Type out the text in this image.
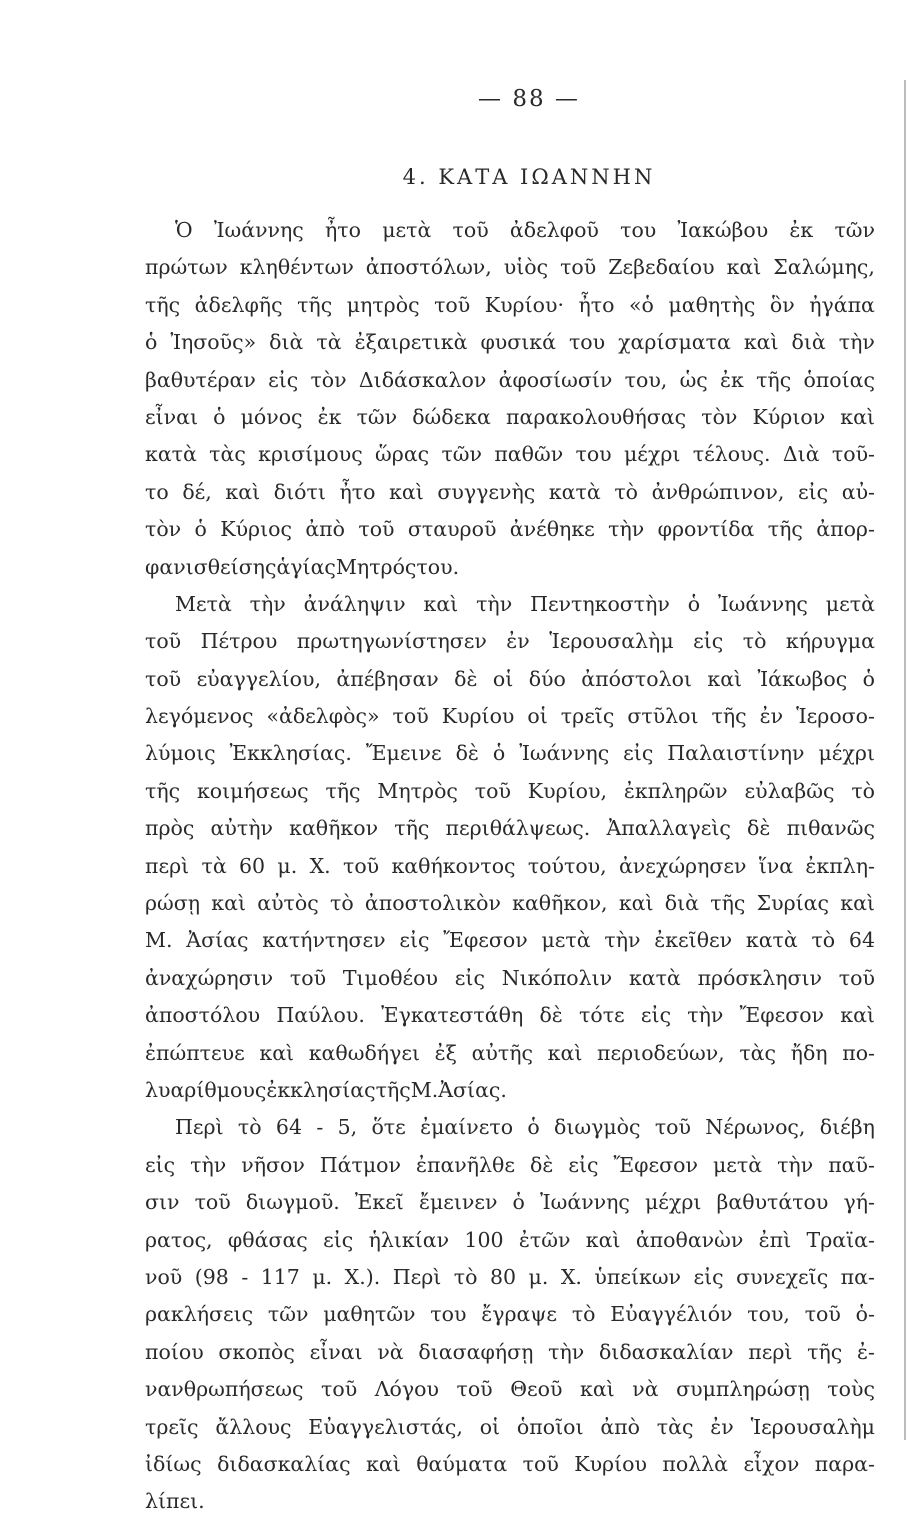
— 88 —
4. ΚΑΤΑ ΙΩΑΝΝΗΝ
Ὁ Ἰωάννης ἦτο μετὰ τοῦ ἀδελφοῦ του Ἰακώβου ἐκ τῶν
πρώτων κληθέντων ἀποστόλων, υἱὸς τοῦ Ζεβεδαίου καὶ Σαλώμης,
τῆς ἀδελφῆς τῆς μητρὸς τοῦ Κυρίου· ἦτο «ὁ μαθητὴς ὃν ἠγάπα
ὁ Ἰησοῦς» διὰ τὰ ἐξαιρετικὰ φυσικά του χαρίσματα καὶ διὰ τὴν
βαθυτέραν εἰς τὸν Διδάσκαλον ἀφοσίωσίν του, ὡς ἐκ τῆς ὁποίας
εἶναι ὁ μόνος ἐκ τῶν δώδεκα παρακολουθήσας τὸν Κύριον καὶ
κατὰ τὰς κρισίμους ὥρας τῶν παθῶν του μέχρι τέλους. Διὰ τοῦ-
το δέ, καὶ διότι ἦτο καὶ συγγενὴς κατὰ τὸ ἀνθρώπινον, εἰς αὐ-
τὸν ὁ Κύριος ἀπὸ τοῦ σταυροῦ ἀνέθηκε τὴν φροντίδα τῆς ἀπορ-
φανισθείσης ἁγίας Μητρός του.
Μετὰ τὴν ἀνάληψιν καὶ τὴν Πεντηκοστὴν ὁ Ἰωάννης μετὰ
τοῦ Πέτρου πρωτηγωνίστησεν ἐν Ἱερουσαλὴμ εἰς τὸ κήρυγμα
τοῦ εὐαγγελίου, ἀπέβησαν δὲ οἱ δύο ἀπόστολοι καὶ Ἰάκωβος ὁ
λεγόμενος «ἀδελφὸς» τοῦ Κυρίου οἱ τρεῖς στῦλοι τῆς ἐν Ἱεροσο-
λύμοις Ἐκκλησίας. Ἔμεινε δὲ ὁ Ἰωάννης εἰς Παλαιστίνην μέχρι
τῆς κοιμήσεως τῆς Μητρὸς τοῦ Κυρίου, ἐκπληρῶν εὐλαβῶς τὸ
πρὸς αὐτὴν καθῆκον τῆς περιθάλψεως. Ἀπαλλαγεὶς δὲ πιθανῶς
περὶ τὰ 60 μ. Χ. τοῦ καθήκοντος τούτου, ἀνεχώρησεν ἵνα ἐκπλη-
ρώσῃ καὶ αὐτὸς τὸ ἀποστολικὸν καθῆκον, καὶ διὰ τῆς Συρίας καὶ
Μ. Ἀσίας κατήντησεν εἰς Ἔφεσον μετὰ τὴν ἐκεῖθεν κατὰ τὸ 64
ἀναχώρησιν τοῦ Τιμοθέου εἰς Νικόπολιν κατὰ πρόσκλησιν τοῦ
ἀποστόλου Παύλου. Ἐγκατεστάθη δὲ τότε εἰς τὴν Ἔφεσον καὶ
ἐπώπτευε καὶ καθωδήγει ἐξ αὐτῆς καὶ περιοδεύων, τὰς ἤδη πο-
λυαρίθμους ἐκκλησίας τῆς Μ. Ἀσίας.
Περὶ τὸ 64 - 5, ὅτε ἐμαίνετο ὁ διωγμὸς τοῦ Νέρωνος, διέβη
εἰς τὴν νῆσον Πάτμον ἐπανῆλθε δὲ εἰς Ἔφεσον μετὰ τὴν παῦ-
σιν τοῦ διωγμοῦ. Ἐκεῖ ἔμεινεν ὁ Ἰωάννης μέχρι βαθυτάτου γή-
ρατος, φθάσας εἰς ἡλικίαν 100 ἐτῶν καὶ ἀποθανὼν ἐπὶ Τραϊα-
νοῦ (98 - 117 μ. Χ.). Περὶ τὸ 80 μ. Χ. ὑπείκων εἰς συνεχεῖς πα-
ρακλήσεις τῶν μαθητῶν του ἔγραψε τὸ Εὐαγγέλιόν του, τοῦ ὁ-
ποίου σκοπὸς εἶναι νὰ διασαφήσῃ τὴν διδασκαλίαν περὶ τῆς ἐ-
νανθρωπήσεως τοῦ Λόγου τοῦ Θεοῦ καὶ νὰ συμπληρώσῃ τοὺς
τρεῖς ἄλλους Εὐαγγελιστάς, οἱ ὁποῖοι ἀπὸ τὰς ἐν Ἱερουσαλὴμ
ἰδίως διδασκαλίας καὶ θαύματα τοῦ Κυρίου πολλὰ εἶχον παρα-
λίπει.
